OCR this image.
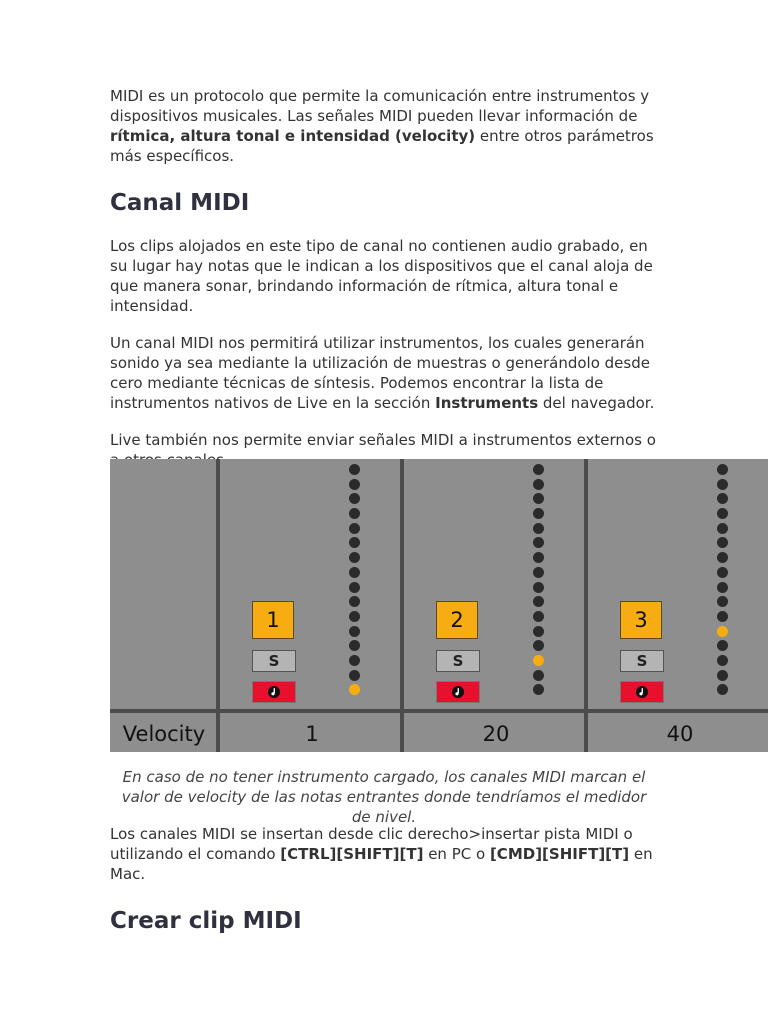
MIDI es un protocolo que permite la comunicación entre instrumentos y dispositivos musicales. Las señales MIDI pueden llevar información de rítmica, altura tonal e intensidad (velocity) entre otros parámetros más específicos.

Canal MIDI

Los clips alojados en este tipo de canal no contienen audio grabado, en su lugar hay notas que le indican a los dispositivos que el canal aloja de que manera sonar, brindando información de rítmica, altura tonal e intensidad.

Un canal MIDI nos permitirá utilizar instrumentos, los cuales generarán sonido ya sea mediante la utilización de muestras o generándolo desde cero mediante técnicas de síntesis. Podemos encontrar la lista de instrumentos nativos de Live en la sección Instruments del navegador.

Live también nos permite enviar señales MIDI a instrumentos externos o

Velocity
1
S
1
2
S
20
3
S
40

En caso de no tener instrumento cargado, los canales MIDI marcan el valor de velocity de las notas entrantes donde tendríamos el medidor de nivel.

Los canales MIDI se insertan desde clic derecho>insertar pista MIDI o utilizando el comando [CTRL][SHIFT][T] en PC o [CMD][SHIFT][T] en Mac.

Crear clip MIDI
